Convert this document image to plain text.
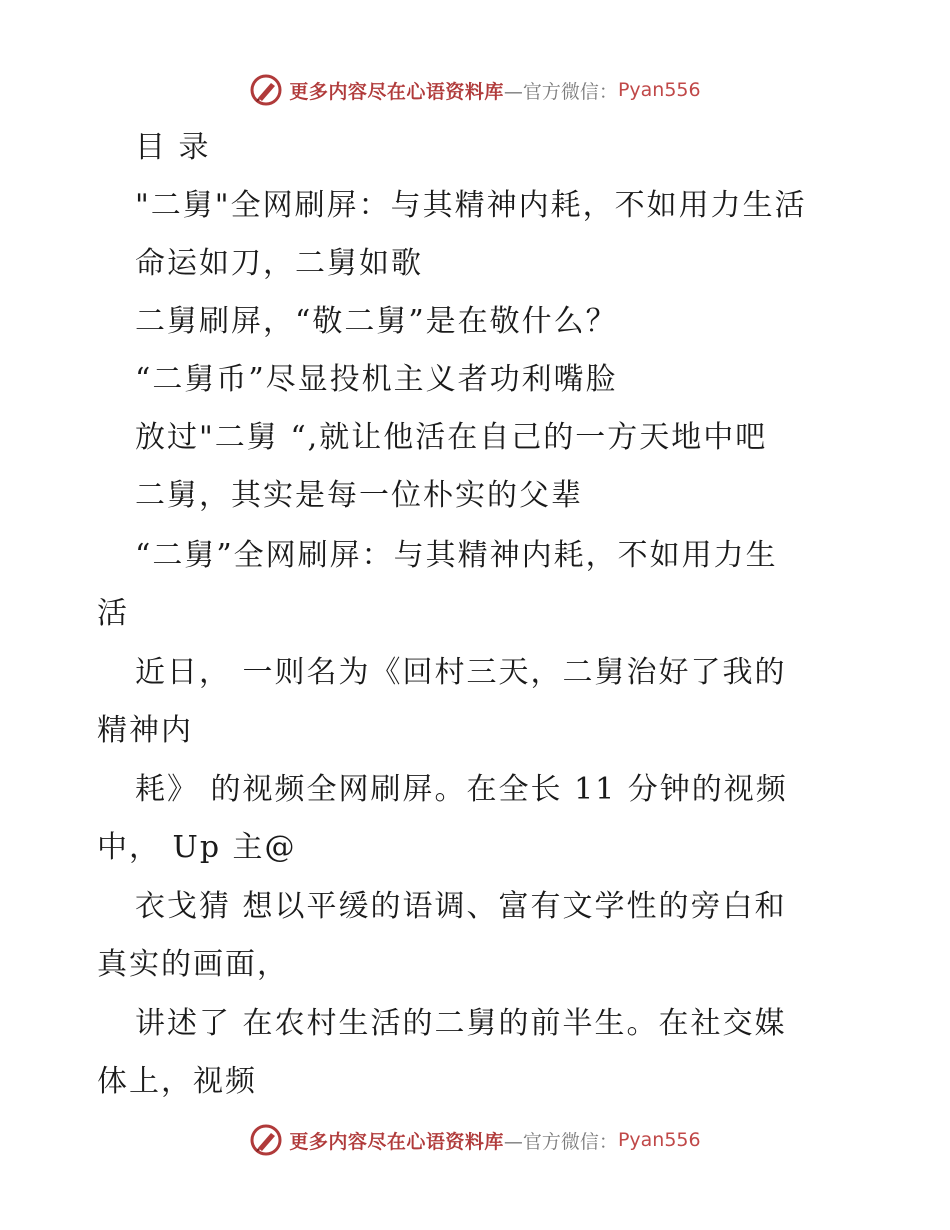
更多内容尽在心语资料库 —官方微信： Pyan556
目 录
"二舅"全网刷屏：与其精神内耗，不如用力生活
命运如刀，二舅如歌
二舅刷屏，“敬二舅”是在敬什么？
“二舅币”尽显投机主义者功利嘴脸
放过"二舅 “,就让他活在自己的一方天地中吧
二舅，其实是每一位朴实的父辈
“二舅”全网刷屏：与其精神内耗，不如用力生
活
近日， 一则名为《回村三天，二舅治好了我的
精神内
耗》 的视频全网刷屏。在全长 11 分钟的视频
中， Up 主@
衣戈猜 想以平缓的语调、富有文学性的旁白和
真实的画面，
讲述了 在农村生活的二舅的前半生。在社交媒
体上，视频
更多内容尽在心语资料库 —官方微信： Pyan556
